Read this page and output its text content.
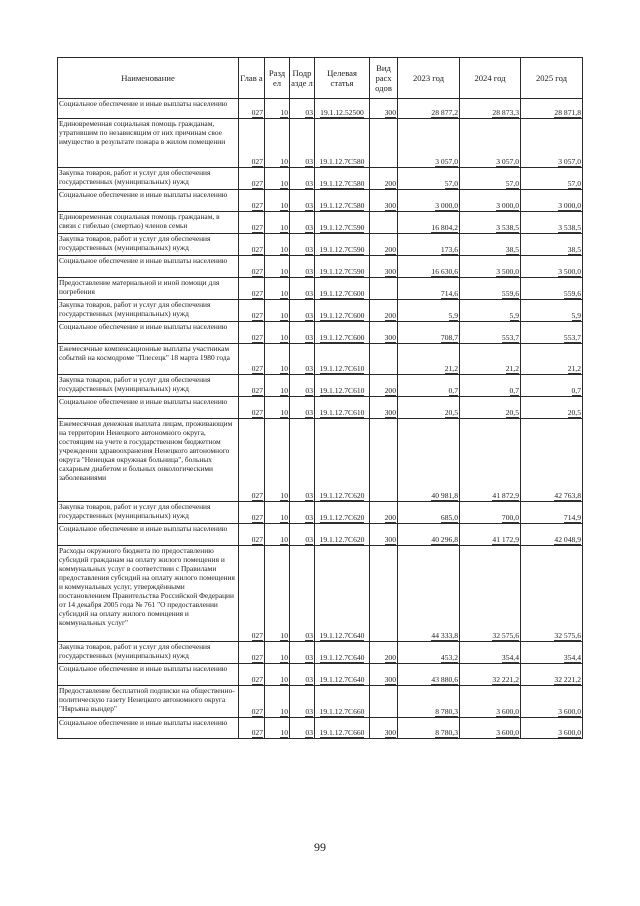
Наименование	Глав а	Разд ел	Подр азде л	Целевая статья	Вид расх одов	2023 год	2024 год	2025 год
Социальное обеспечение и иные выплаты населению	027	10	03	19.1.12.52500	300	28 877,2	28 873,3	28 871,8
Единовременная социальная помощь гражданам, утратившим по независящим от них причинам свое имущество в результате пожара в жилом помещении	027	10	03	19.1.12.7С580		3 057,0	3 057,0	3 057,0
Закупка товаров, работ и услуг для обеспечения государственных (муниципальных) нужд	027	10	03	19.1.12.7С580	200	57,0	57,0	57,0
Социальное обеспечение и иные выплаты населению	027	10	03	19.1.12.7С580	300	3 000,0	3 000,0	3 000,0
Единовременная социальная помощь гражданам, в связи с гибелью (смертью) членов семьи	027	10	03	19.1.12.7С590		16 804,2	3 538,5	3 538,5
Закупка товаров, работ и услуг для обеспечения государственных (муниципальных) нужд	027	10	03	19.1.12.7С590	200	173,6	38,5	38,5
Социальное обеспечение и иные выплаты населению	027	10	03	19.1.12.7С590	300	16 630,6	3 500,0	3 500,0
Предоставление материальной и иной помощи для погребения	027	10	03	19.1.12.7С600		714,6	559,6	559,6
Закупка товаров, работ и услуг для обеспечения государственных (муниципальных) нужд	027	10	03	19.1.12.7С600	200	5,9	5,9	5,9
Социальное обеспечение и иные выплаты населению	027	10	03	19.1.12.7С600	300	708,7	553,7	553,7
Ежемесячные компенсационные выплаты участникам событий на космодроме "Плесецк" 18 марта 1980 года	027	10	03	19.1.12.7С610		21,2	21,2	21,2
Закупка товаров, работ и услуг для обеспечения государственных (муниципальных) нужд	027	10	03	19.1.12.7С610	200	0,7	0,7	0,7
Социальное обеспечение и иные выплаты населению	027	10	03	19.1.12.7С610	300	20,5	20,5	20,5
Ежемесячная денежная выплата лицам, проживающим на территории Ненецкого автономного округа, состоящим на учете в государственном бюджетном учреждении здравоохранения Ненецкого автономного округа "Ненецкая окружная больница", больных сахарным диабетом и больных онкологическими заболеваниями	027	10	03	19.1.12.7С620		40 981,8	41 872,9	42 763,8
Закупка товаров, работ и услуг для обеспечения государственных (муниципальных) нужд	027	10	03	19.1.12.7С620	200	685,0	700,0	714,9
Социальное обеспечение и иные выплаты населению	027	10	03	19.1.12.7С620	300	40 296,8	41 172,9	42 048,9
Расходы окружного бюджета по предоставлению субсидий гражданам на оплату жилого помещения и коммунальных услуг в соответствии с Правилами предоставления субсидий на оплату жилого помещения и коммунальных услуг, утверждёнными постановлением Правительства Российской Федерации от 14 декабря 2005 года № 761 "О предоставлении субсидий на оплату жилого помещения и коммунальных услуг"	027	10	03	19.1.12.7С640		44 333,8	32 575,6	32 575,6
Закупка товаров, работ и услуг для обеспечения государственных (муниципальных) нужд	027	10	03	19.1.12.7С640	200	453,2	354,4	354,4
Социальное обеспечение и иные выплаты населению	027	10	03	19.1.12.7С640	300	43 880,6	32 221,2	32 221,2
Предоставление бесплатной подписки на общественно-политическую газету Ненецкого автономного округа "Няръяна вындер"	027	10	03	19.1.12.7С660		8 780,3	3 600,0	3 600,0
Социальное обеспечение и иные выплаты населению	027	10	03	19.1.12.7С660	300	8 780,3	3 600,0	3 600,0
99
